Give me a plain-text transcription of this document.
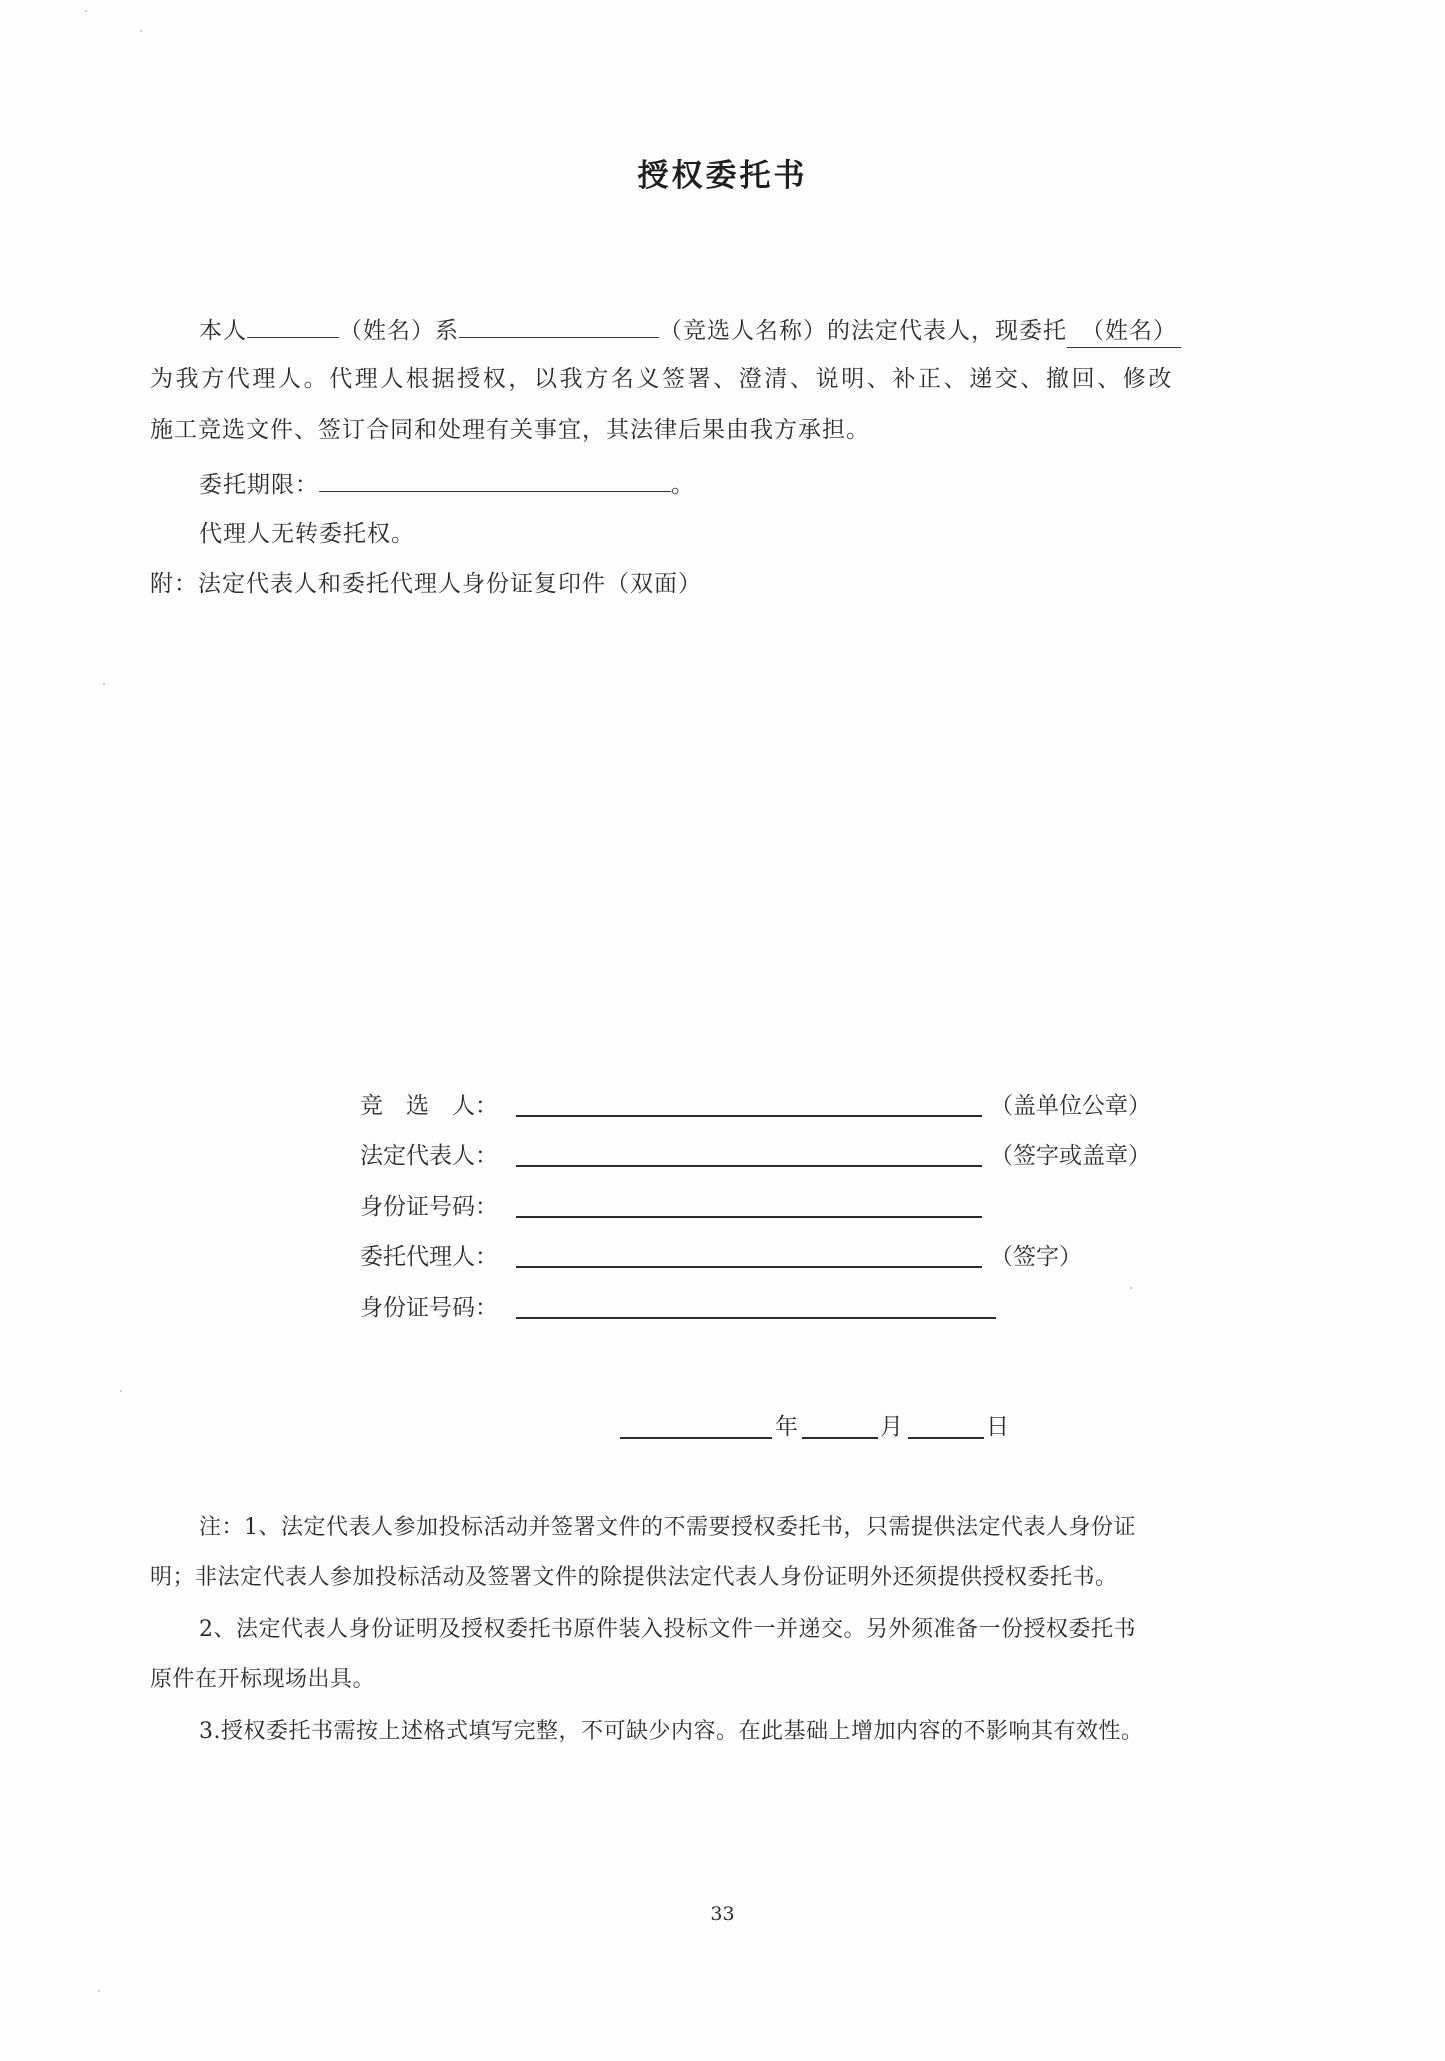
授权委托书
本人	（姓名）系	（竞选人名称）的法定代表人，现委托 （姓名）
为我方代理人。代理人根据授权，以我方名义签署、澄清、说明、补正、递交、撤回、修改
施工竞选文件、签订合同和处理有关事宜，其法律后果由我方承担。
委托期限：	。
代理人无转委托权。
附：法定代表人和委托代理人身份证复印件（双面）
竞　选　人：	（盖单位公章）
法定代表人：	（签字或盖章）
身份证号码：
委托代理人：	（签字）
身份证号码：
年	月	日
注：1、法定代表人参加投标活动并签署文件的不需要授权委托书，只需提供法定代表人身份证
明；非法定代表人参加投标活动及签署文件的除提供法定代表人身份证明外还须提供授权委托书。
2、法定代表人身份证明及授权委托书原件装入投标文件一并递交。另外须准备一份授权委托书
原件在开标现场出具。
3.授权委托书需按上述格式填写完整，不可缺少内容。在此基础上增加内容的不影响其有效性。
33
